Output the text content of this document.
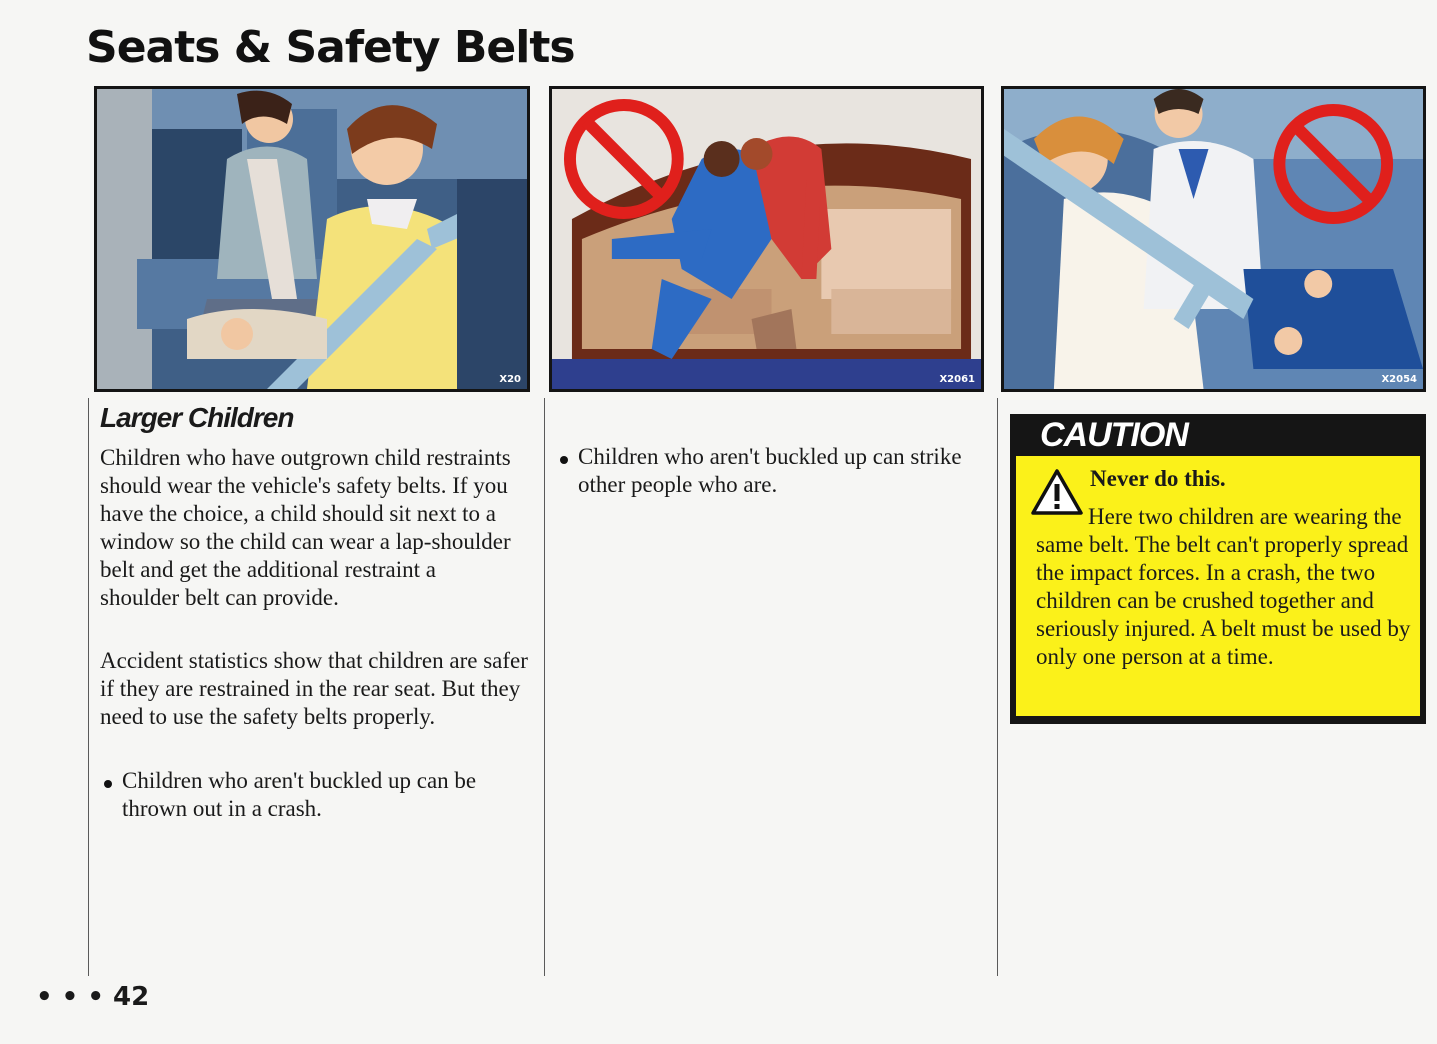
Seats & Safety Belts
X20	X2061	X2054
Larger Children

Children who have outgrown child restraints should wear the vehicle's safety belts. If you have the choice, a child should sit next to a window so the child can wear a lap-shoulder belt and get the additional restraint a shoulder belt can provide.

Accident statistics show that children are safer if they are restrained in the rear seat. But they need to use the safety belts properly.

Children who aren't buckled up can be thrown out in a crash.
Children who aren't buckled up can strike other people who are.
CAUTION
Never do this.

Here two children are wearing the same belt. The belt can't properly spread the impact forces. In a crash, the two children can be crushed together and seriously injured. A belt must be used by only one person at a time.

• • • 42
